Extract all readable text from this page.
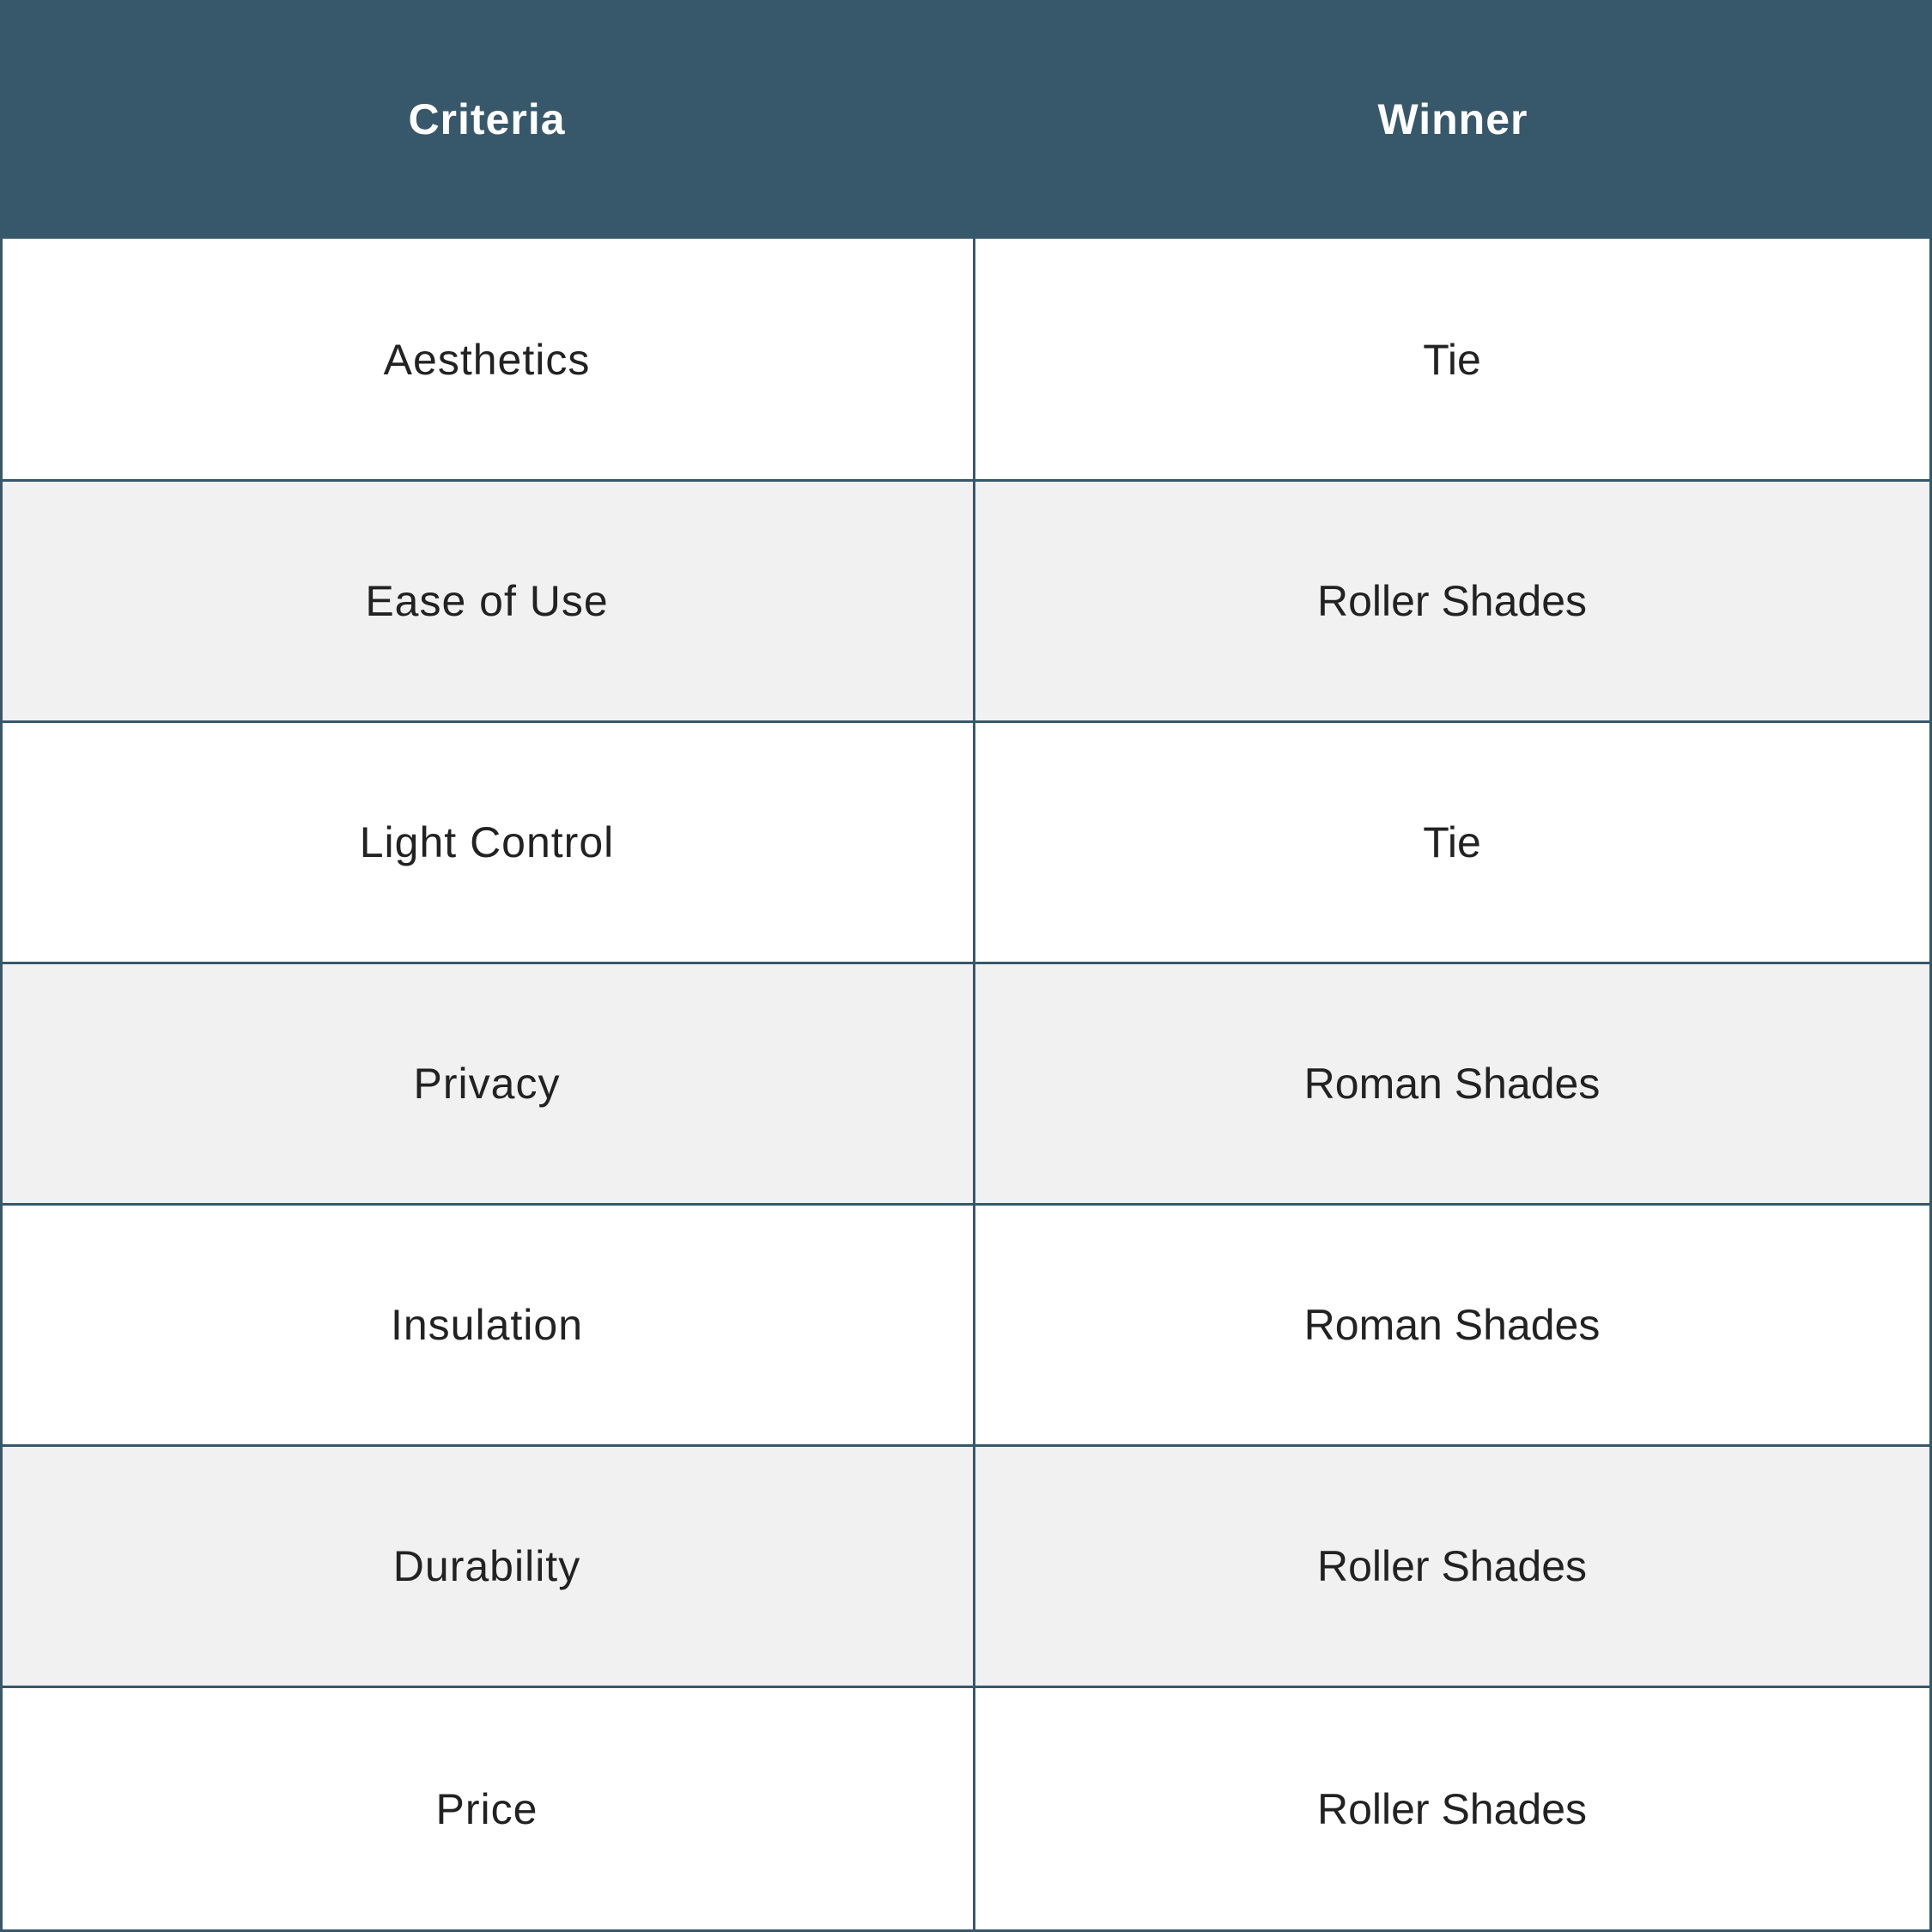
Criteria	Winner
Aesthetics	Tie
Ease of Use	Roller Shades
Light Control	Tie
Privacy	Roman Shades
Insulation	Roman Shades
Durability	Roller Shades
Price	Roller Shades
